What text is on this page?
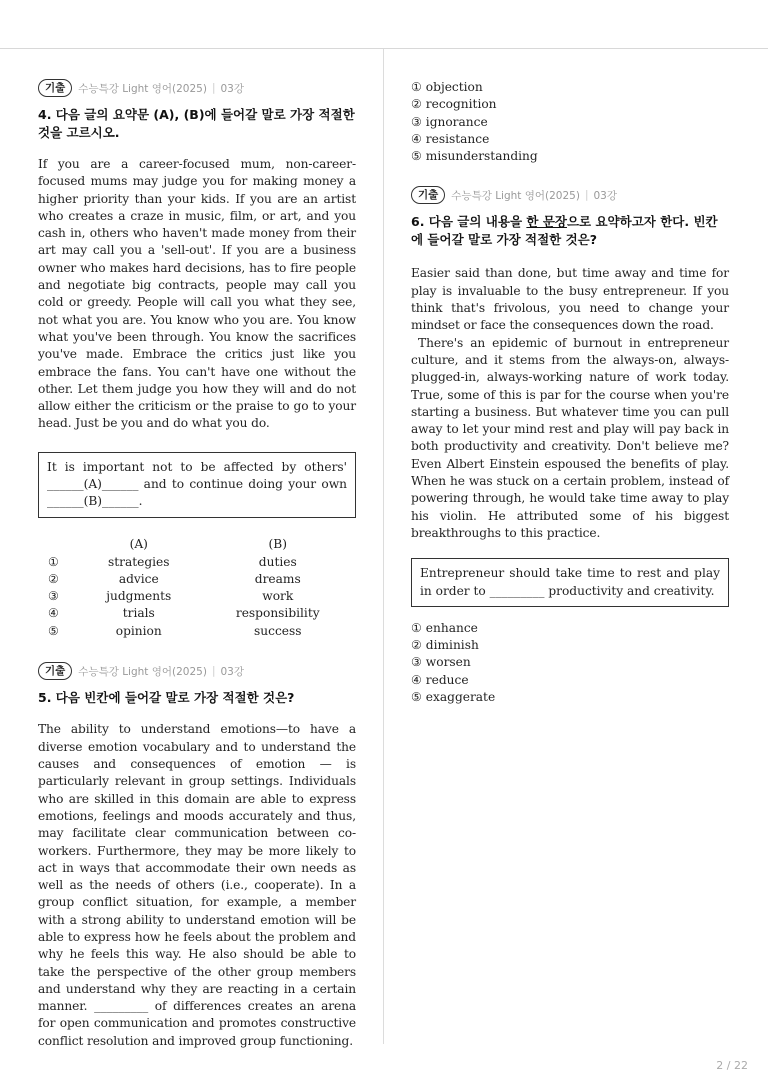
기출	수능특강 Light 영어(2025) | 03강
4. 다음 글의 요약문 (A), (B)에 들어갈 말로 가장 적절한 것을 고르시오.
If you are a career-focused mum, non-career-focused mums may judge you for making money a higher priority than your kids. If you are an artist who creates a craze in music, film, or art, and you cash in, others who haven't made money from their art may call you a 'sell-out'. If you are a business owner who makes hard decisions, has to fire people and negotiate big contracts, people may call you cold or greedy. People will call you what they see, not what you are. You know who you are. You know what you've been through. You know the sacrifices you've made. Embrace the critics just like you embrace the fans. You can't have one without the other. Let them judge you how they will and do not allow either the criticism or the praise to go to your head. Just be you and do what you do.
It is important not to be affected by others' ______(A)______ and to continue doing your own ______(B)______.
	(A)	(B)
①	strategies	duties
②	advice	dreams
③	judgments	work
④	trials	responsibility
⑤	opinion	success
기출	수능특강 Light 영어(2025) | 03강
5. 다음 빈칸에 들어갈 말로 가장 적절한 것은?
The ability to understand emotions—to have a diverse emotion vocabulary and to understand the causes and consequences of emotion — is particularly relevant in group settings. Individuals who are skilled in this domain are able to express emotions, feelings and moods accurately and thus, may facilitate clear communication between co-workers. Furthermore, they may be more likely to act in ways that accommodate their own needs as well as the needs of others (i.e., cooperate). In a group conflict situation, for example, a member with a strong ability to understand emotion will be able to express how he feels about the problem and why he feels this way. He also should be able to take the perspective of the other group members and understand why they are reacting in a certain manner. _________ of differences creates an arena for open communication and promotes constructive conflict resolution and improved group functioning.
① objection
② recognition
③ ignorance
④ resistance
⑤ misunderstanding
기출	수능특강 Light 영어(2025) | 03강
6. 다음 글의 내용을 한 문장으로 요약하고자 한다. 빈칸에 들어갈 말로 가장 적절한 것은?

Easier said than done, but time away and time for play is invaluable to the busy entrepreneur. If you think that's frivolous, you need to change your mindset or face the consequences down the road.

There's an epidemic of burnout in entrepreneur culture, and it stems from the always-on, always-plugged-in, always-working nature of work today. True, some of this is par for the course when you're starting a business. But whatever time you can pull away to let your mind rest and play will pay back in both productivity and creativity. Don't believe me? Even Albert Einstein espoused the benefits of play. When he was stuck on a certain problem, instead of powering through, he would take time away to play his violin. He attributed some of his biggest breakthroughs to this practice.

Entrepreneur should take time to rest and play in order to _________ productivity and creativity.
① enhance
② diminish
③ worsen
④ reduce
⑤ exaggerate
2 / 22
